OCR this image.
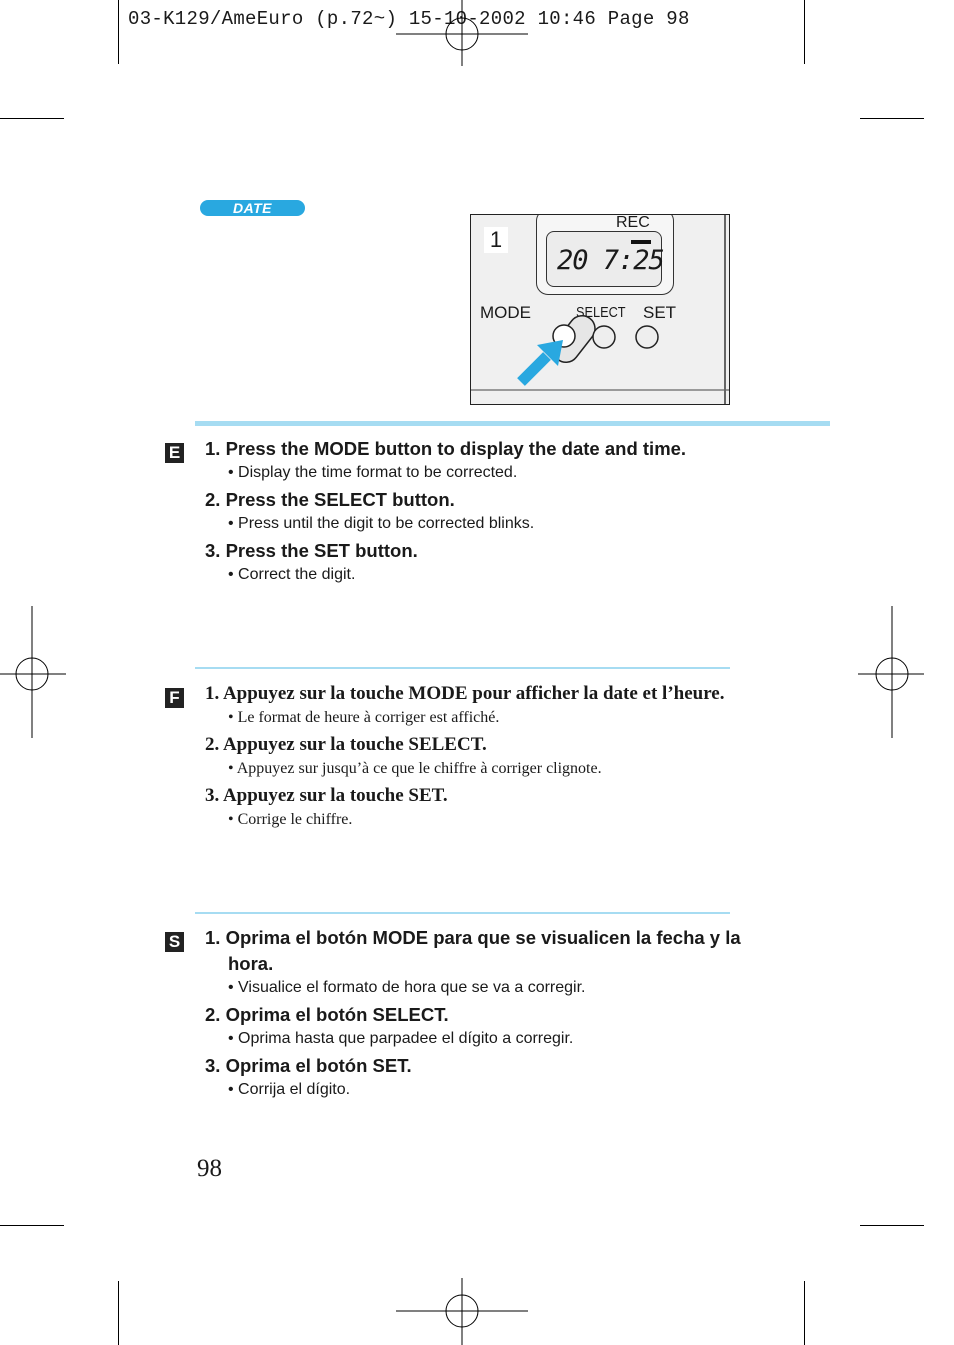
03-K129/AmeEuro (p.72~) 15-10-2002 10:46 Page 98
DATE
1
REC
20 7:25
MODE	SELECT SET
E 1. Press the MODE button to display the date and time.
• Display the time format to be corrected.
2. Press the SELECT button.
• Press until the digit to be corrected blinks.
3. Press the SET button.
• Correct the digit.
F 1. Appuyez sur la touche MODE pour afficher la date et l’heure.
• Le format de heure à corriger est affiché.
2. Appuyez sur la touche SELECT.
• Appuyez sur jusqu’à ce que le chiffre à corriger clignote.
3. Appuyez sur la touche SET.
• Corrige le chiffre.
S 1. Oprima el botón MODE para que se visualicen la fecha y la hora.
• Visualice el formato de hora que se va a corregir.
2. Oprima el botón SELECT.
• Oprima hasta que parpadee el dígito a corregir.
3. Oprima el botón SET.
• Corrija el dígito.
98
